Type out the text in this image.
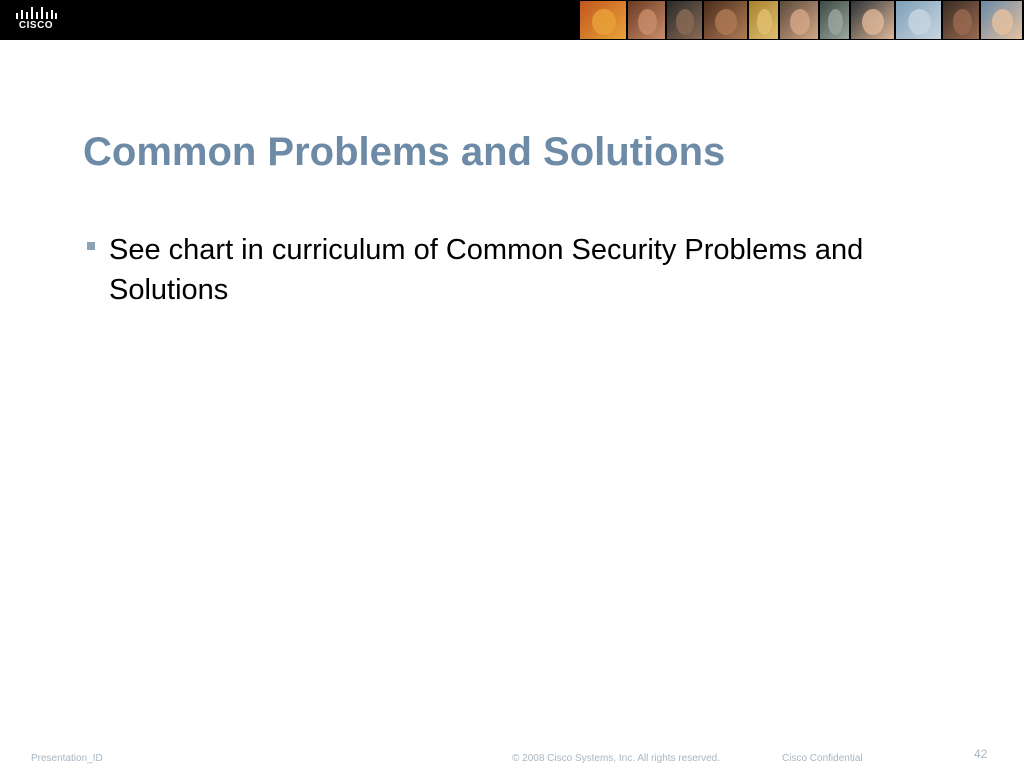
CISCO
Common Problems and Solutions
See chart in curriculum of Common Security Problems and Solutions
Presentation_ID	© 2008 Cisco Systems, Inc. All rights reserved.	Cisco Confidential	42
